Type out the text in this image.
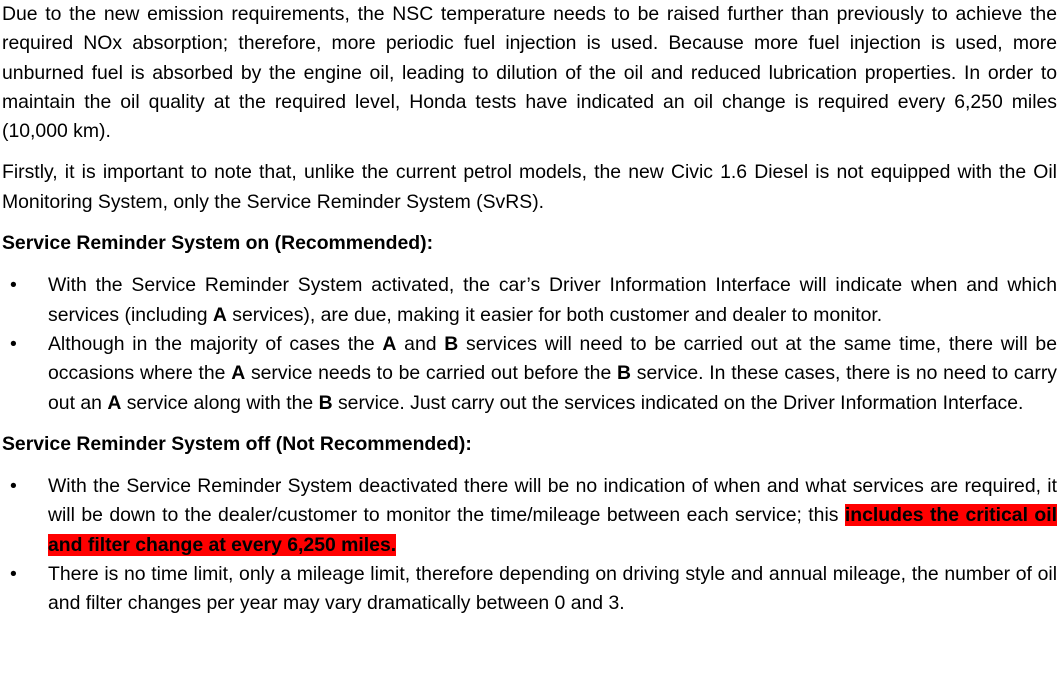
Due to the new emission requirements, the NSC temperature needs to be raised further than previously to achieve the required NOx absorption; therefore, more periodic fuel injection is used. Because more fuel injection is used, more unburned fuel is absorbed by the engine oil, leading to dilution of the oil and reduced lubrication properties. In order to maintain the oil quality at the required level, Honda tests have indicated an oil change is required every 6,250 miles (10,000 km).

Firstly, it is important to note that, unlike the current petrol models, the new Civic 1.6 Diesel is not equipped with the Oil Monitoring System, only the Service Reminder System (SvRS).

Service Reminder System on (Recommended):

•	With the Service Reminder System activated, the car’s Driver Information Interface will indicate when and which services (including A services), are due, making it easier for both customer and dealer to monitor.
•	Although in the majority of cases the A and B services will need to be carried out at the same time, there will be occasions where the A service needs to be carried out before the B service. In these cases, there is no need to carry out an A service along with the B service. Just carry out the services indicated on the Driver Information Interface.

Service Reminder System off (Not Recommended):

•	With the Service Reminder System deactivated there will be no indication of when and what services are required, it will be down to the dealer/customer to monitor the time/mileage between each service; this includes the critical oil and filter change at every 6,250 miles.
•	There is no time limit, only a mileage limit, therefore depending on driving style and annual mileage, the number of oil and filter changes per year may vary dramatically between 0 and 3.
